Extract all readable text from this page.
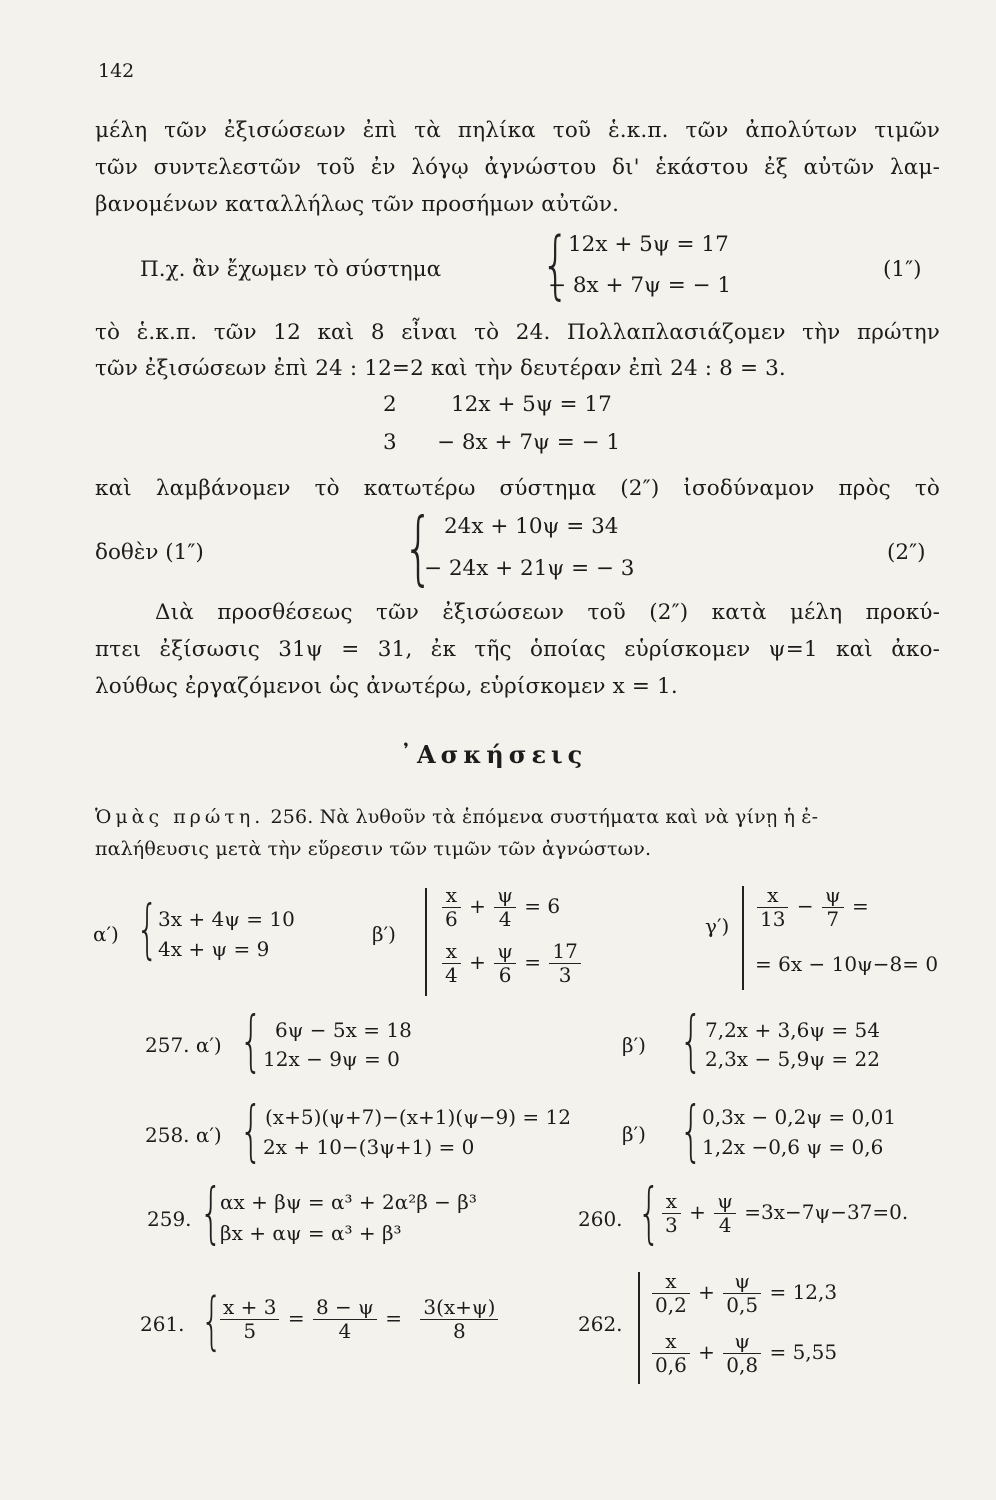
142
μέλη τῶν ἐξισώσεων ἐπὶ τὰ πηλίκα τοῦ ἑ.κ.π. τῶν ἀπολύτων τιμῶν
τῶν συντελεστῶν τοῦ ἐν λόγῳ ἀγνώστου δι' ἑκάστου ἐξ αὐτῶν λαμ-
βανομένων καταλλήλως τῶν προσήμων αὐτῶν.
Π.χ. ἂν ἔχωμεν τὸ σύστημα {
12x + 5ψ = 17
− 8x + 7ψ = − 1
(1″)
τὸ ἑ.κ.π. τῶν 12 καὶ 8 εἶναι τὸ 24. Πολλαπλασιάζομεν τὴν πρώτην
τῶν ἐξισώσεων ἐπὶ 24 : 12=2 καὶ τὴν δευτέραν ἐπὶ 24 : 8 = 3.
2	12x + 5ψ = 17
3 − 8x + 7ψ = − 1
καὶ λαμβάνομεν τὸ κατωτέρω σύστημα (2″) ἰσοδύναμον πρὸς τὸ
δοθὲν (1″) { 24x + 10ψ = 34
− 24x + 21ψ = − 3
(2″)
Διὰ προσθέσεως τῶν ἐξισώσεων τοῦ (2″) κατὰ μέλη προκύ-
πτει ἐξίσωσις 31ψ = 31, ἐκ τῆς ὁποίας εὑρίσκομεν ψ=1 καὶ ἀκο-
λούθως ἐργαζόμενοι ὡς ἀνωτέρω, εὑρίσκομεν x = 1.
᾿Ασκήσεις
Ὁμὰς πρώτη. 256. Νὰ λυθοῦν τὰ ἑπόμενα συστήματα καὶ νὰ γίνῃ ἡ ἐ-
παλήθευσις μετὰ τὴν εὕρεσιν τῶν τιμῶν τῶν ἀγνώστων.
α′) { 3x + 4ψ = 10
4x + ψ = 9
β′)
$\frac{x}{6} + \frac{\psi}{4} = 6$
$\frac{x}{4} + \frac{\psi}{6} = \frac{17}{3}$
$\gamma') \frac{x}{13} - \frac{\psi}{7}$ =
= 6x − 10ψ−8= 0
257. α′) { 6ψ − 5x = 18
12x − 9ψ = 0
β′) { 7,2x + 3,6ψ = 54
2,3x − 5,9ψ = 22
258. α′) { (x+5)(ψ+7)−(x+1)(ψ−9) = 12
2x + 10−(3ψ+1) = 0
β′) { 0,3x − 0,2ψ = 0,01
1,2x −0,6 ψ = 0,6
259. {
αx + βψ = α³ + 2α²β − β³
βx + αψ = α³ + β³
260. { $\frac{x}{3} + \frac{\psi}{4} =3x-7\psi-37=0$.
261. {
$\frac{x + 3}{5} = \frac{8 - \psi}{4} = \frac{3(x+\psi)}{8}$	262.
$\frac{x}{0,2} + \frac{\psi}{0,5} = 12,3$
$\frac{x}{0,6} + \frac{\psi}{0,8} = 5,55$
